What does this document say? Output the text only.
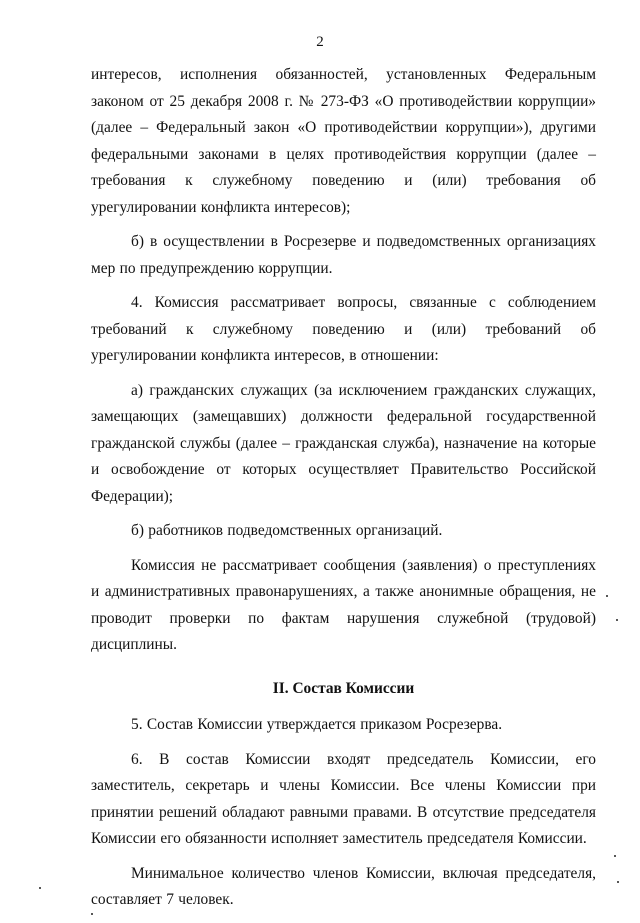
2

интересов, исполнения обязанностей, установленных Федеральным законом от 25 декабря 2008 г. № 273-ФЗ «О противодействии коррупции» (далее – Федеральный закон «О противодействии коррупции»), другими федеральными законами в целях противодействия коррупции (далее – требования к служебному поведению и (или) требования об урегулировании конфликта интересов);

б) в осуществлении в Росрезерве и подведомственных организациях мер по предупреждению коррупции.

4. Комиссия рассматривает вопросы, связанные с соблюдением требований к служебному поведению и (или) требований об урегулировании конфликта интересов, в отношении:

а) гражданских служащих (за исключением гражданских служащих, замещающих (замещавших) должности федеральной государственной гражданской службы (далее – гражданская служба), назначение на которые и освобождение от которых осуществляет Правительство Российской Федерации);

б) работников подведомственных организаций.

Комиссия не рассматривает сообщения (заявления) о преступлениях и административных правонарушениях, а также анонимные обращения, не проводит проверки по фактам нарушения служебной (трудовой) дисциплины.

II. Состав Комиссии

5. Состав Комиссии утверждается приказом Росрезерва.

6. В состав Комиссии входят председатель Комиссии, его заместитель, секретарь и члены Комиссии. Все члены Комиссии при принятии решений обладают равными правами. В отсутствие председателя Комиссии его обязанности исполняет заместитель председателя Комиссии.

Минимальное количество членов Комиссии, включая председателя, составляет 7 человек.
